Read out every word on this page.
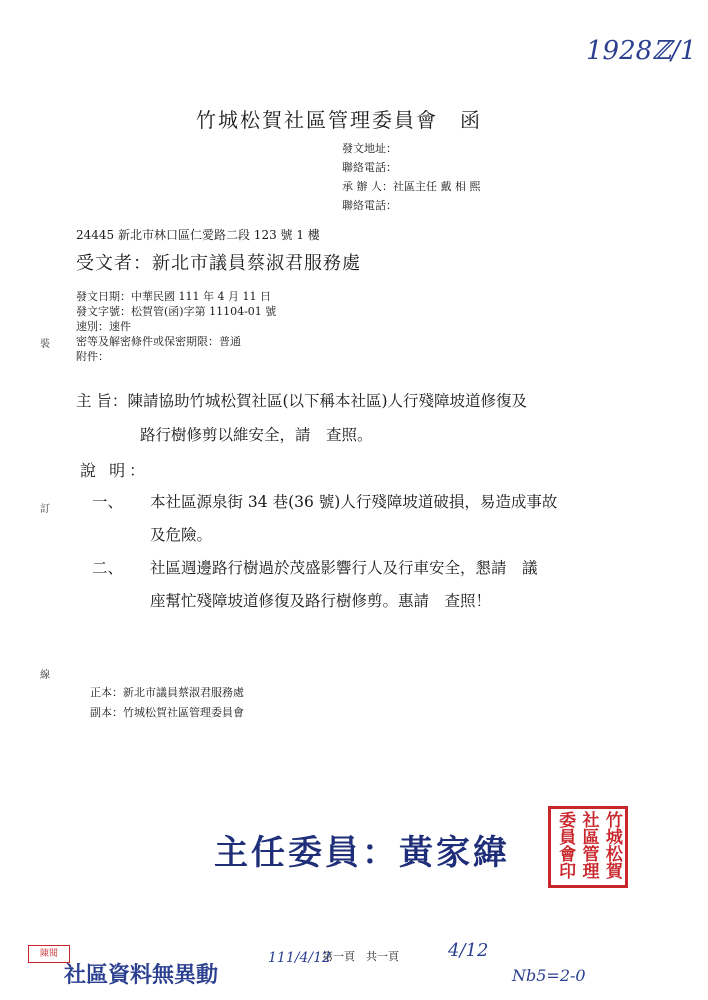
1928ℤ/1
竹城松賀社區管理委員會　函
發文地址：
聯絡電話：
承 辦 人：社區主任 戴 相 熙
聯絡電話：
24445 新北市林口區仁愛路二段 123 號 1 樓
受文者：新北市議員蔡淑君服務處
發文日期：中華民國 111 年 4 月 11 日
發文字號：松賀管(函)字第 11104-01 號
速別：速件
密等及解密條件或保密期限：普通
附件：
主 旨：陳請協助竹城松賀社區(以下稱本社區)人行殘障坡道修復及
路行樹修剪以維安全，請　查照。
說 明：
一、 本社區源泉街 34 巷(36 號)人行殘障坡道破損，易造成事故
及危險。
二、 社區週邊路行樹過於茂盛影響行人及行車安全，懇請　議
座幫忙殘障坡道修復及路行樹修剪。惠請　查照！
正本：新北市議員蔡淑君服務處
副本：竹城松賀社區管理委員會
裝
訂
線
主任委員：黃家緯	竹城松賀
社區管理
委員會印
第一頁　共一頁
陳閱
社區資料無異動
111/4/12	4/12
Nb5=2-0
